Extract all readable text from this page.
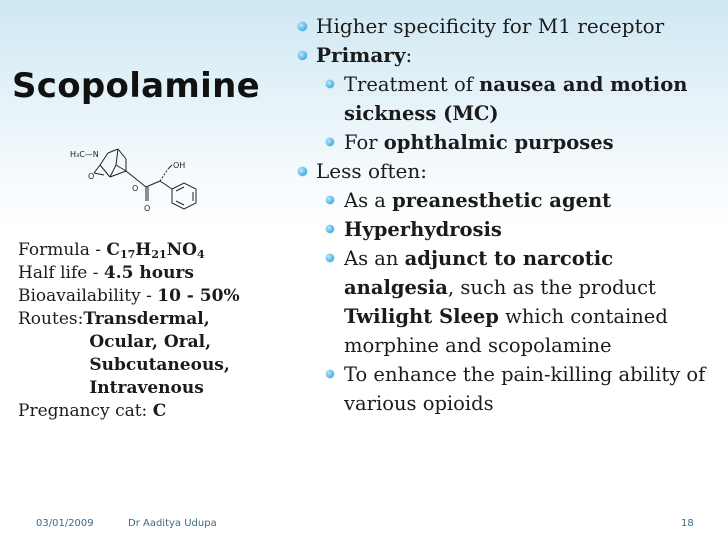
Scopolamine
H₃C—N
OH
O
O
O
Formula - $C_{17}H_{21}NO_4$
Half life - 4.5 hours
Bioavailability - 10 - 50%
Routes: Transdermal,
Ocular, Oral,
Subcutaneous,
Intravenous
Pregnancy cat: C
Higher specificity for M1 receptor
Primary:
Treatment of nausea and motion sickness (MC)
For ophthalmic purposes
Less often:
As a preanesthetic agent
Hyperhydrosis
As an adjunct to narcotic analgesia, such as the product Twilight Sleep which contained morphine and scopolamine
To enhance the pain-killing ability of various opioids
03/01/2009	Dr Aaditya Udupa	18
